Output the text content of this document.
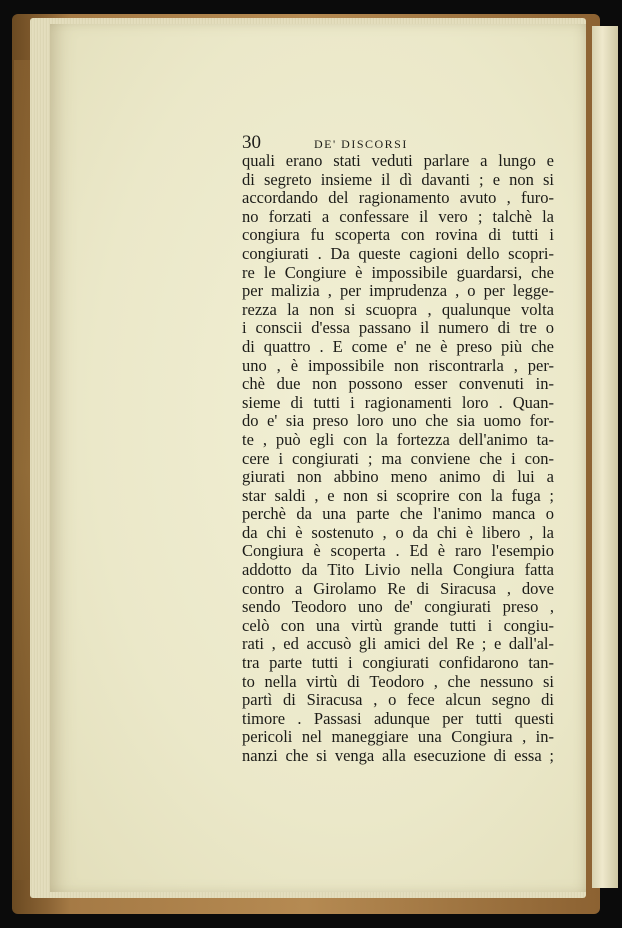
30	DE' DISCORSI
quali erano stati veduti parlare a lungo e
di segreto insieme il dì davanti ; e non si
accordando del ragionamento avuto , furo-
no forzati a confessare il vero ; talchè la
congiura fu scoperta con rovina di tutti i
congiurati . Da queste cagioni dello scopri-
re le Congiure è impossibile guardarsi, che
per malizia , per imprudenza , o per legge-
rezza la non si scuopra , qualunque volta
i conscii d'essa passano il numero di tre o
di quattro . E come e' ne è preso più che
uno , è impossibile non riscontrarla , per-
chè due non possono esser convenuti in-
sieme di tutti i ragionamenti loro . Quan-
do e' sia preso loro uno che sia uomo for-
te , può egli con la fortezza dell'animo ta-
cere i congiurati ; ma conviene che i con-
giurati non abbino meno animo di lui a
star saldi , e non si scoprire con la fuga ;
perchè da una parte che l'animo manca o
da chi è sostenuto , o da chi è libero , la
Congiura è scoperta . Ed è raro l'esempio
addotto da Tito Livio nella Congiura fatta
contro a Girolamo Re di Siracusa , dove
sendo Teodoro uno de' congiurati preso ,
celò con una virtù grande tutti i congiu-
rati , ed accusò gli amici del Re ; e dall'al-
tra parte tutti i congiurati confidarono tan-
to nella virtù di Teodoro , che nessuno si
partì di Siracusa , o fece alcun segno di
timore . Passasi adunque per tutti questi
pericoli nel maneggiare una Congiura , in-
nanzi che si venga alla esecuzione di essa ;
